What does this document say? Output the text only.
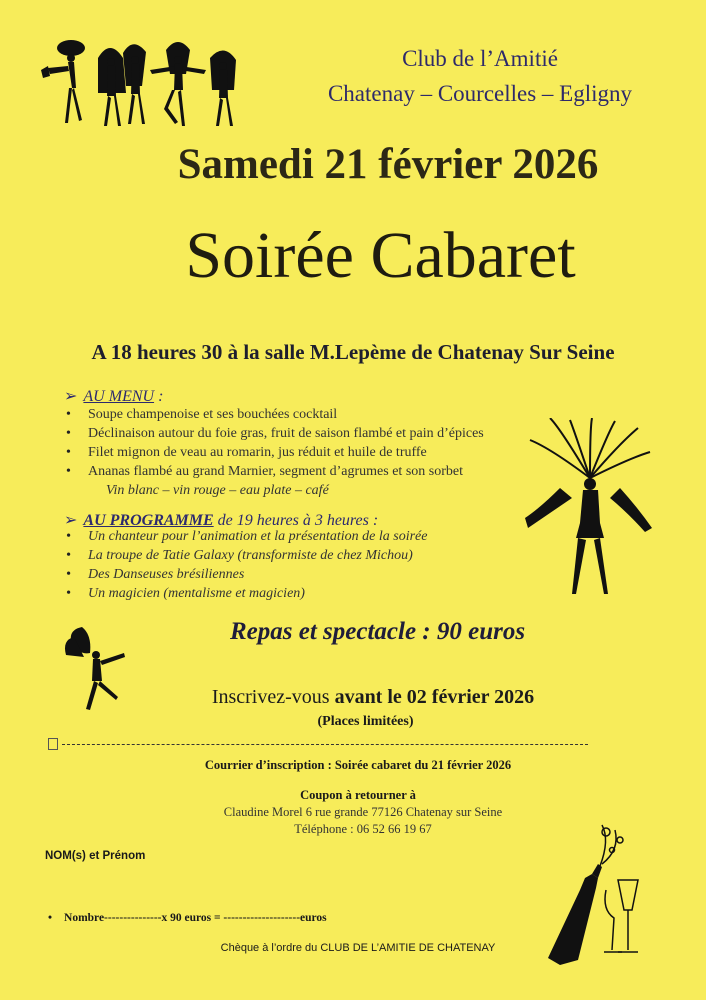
Club de l’Amitié
Chatenay – Courcelles – Egligny
Samedi 21 février 2026
Soirée Cabaret
A 18 heures 30 à la salle M.Lepème de Chatenay Sur Seine
➢ AU MENU :
• Soupe champenoise et ses bouchées cocktail
• Déclinaison autour du foie gras, fruit de saison flambé et pain d’épices
• Filet mignon de veau au romarin, jus réduit et huile de truffe
• Ananas flambé au grand Marnier, segment d’agrumes et son sorbet
Vin blanc – vin rouge – eau plate – café
➢ AU PROGRAMME de 19 heures à 3 heures :
• Un chanteur pour l’animation et la présentation de la soirée
• La troupe de Tatie Galaxy (transformiste de chez Michou)
• Des Danseuses brésiliennes
• Un magicien (mentalisme et magicien)
Repas et spectacle : 90 euros
Inscrivez-vous avant le 02 février 2026
(Places limitées)
Courrier d’inscription : Soirée cabaret du 21 février 2026
Coupon à retourner à
Claudine Morel 6 rue grande 77126 Chatenay sur Seine
Téléphone : 06 52 66 19 67
NOM(s) et Prénom
• Nombre---------------x 90 euros = --------------------euros
Chèque à l’ordre du CLUB DE L’AMITIE DE CHATENAY
